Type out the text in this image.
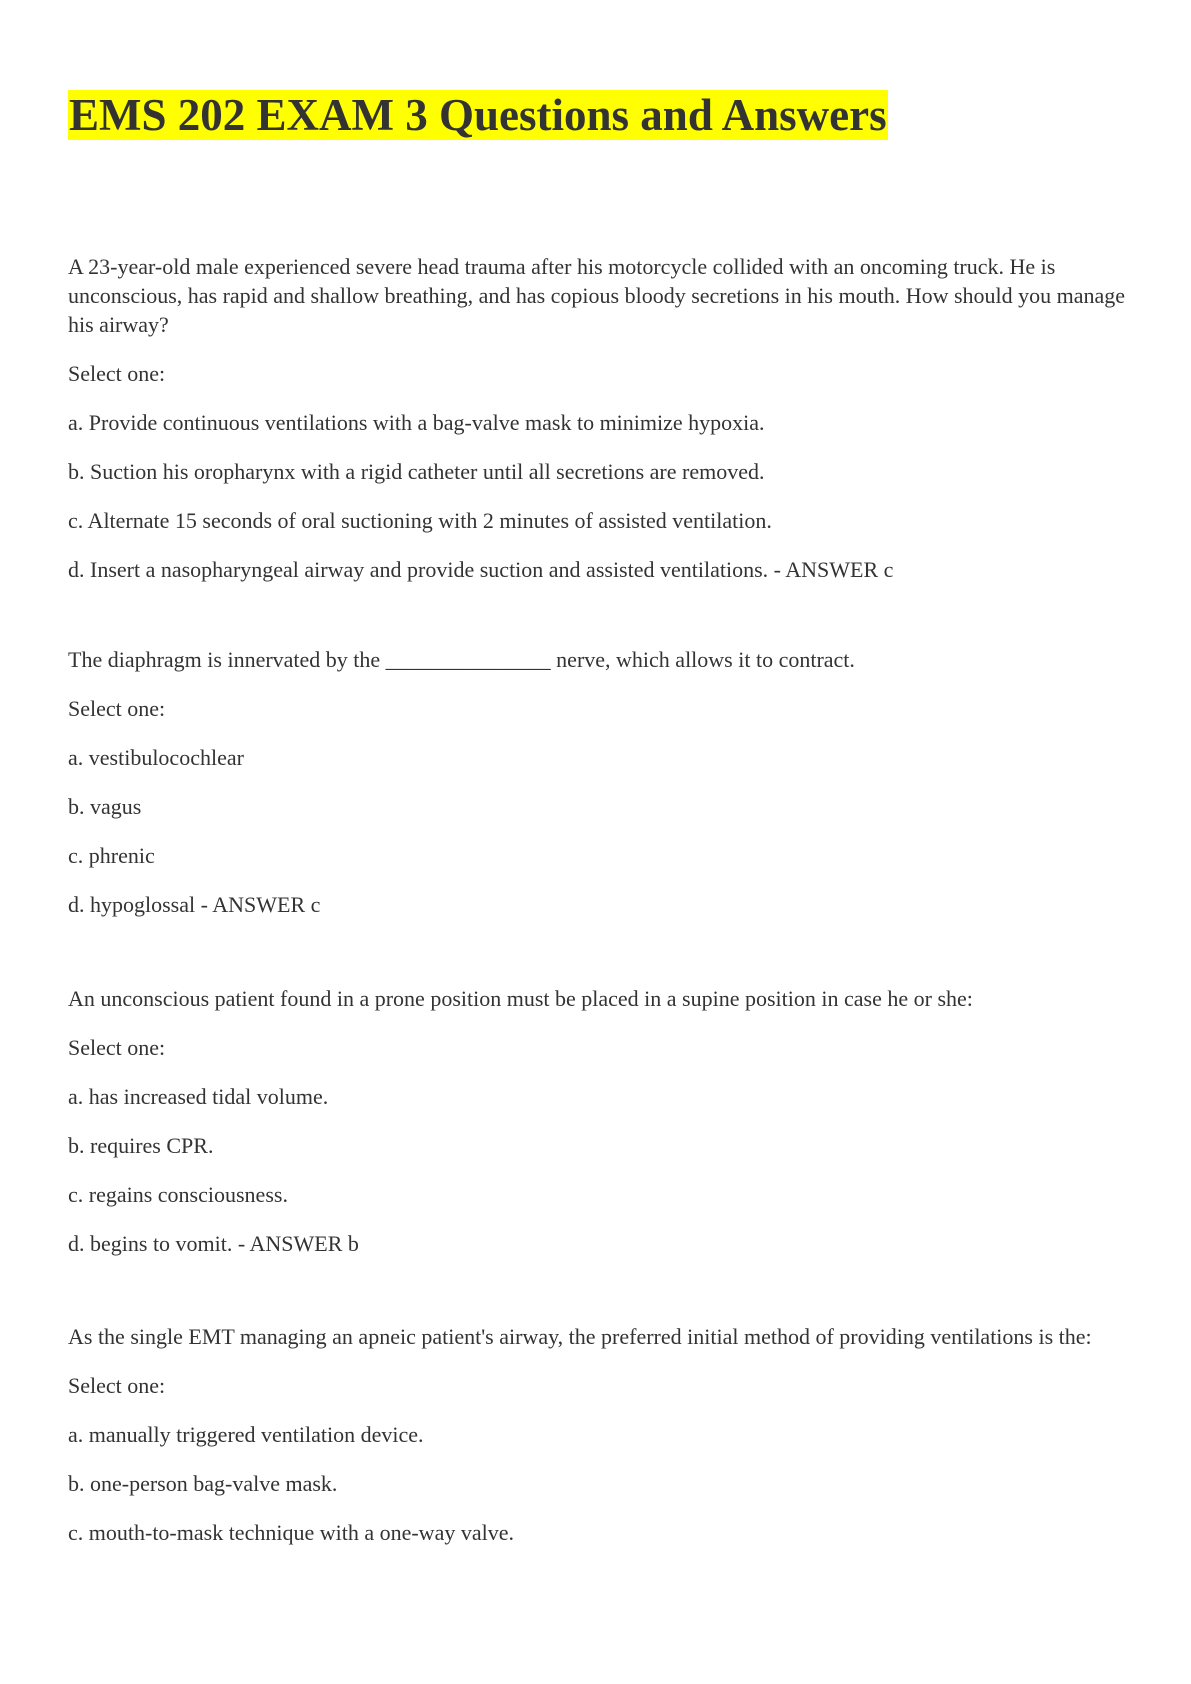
EMS 202 EXAM 3 Questions and Answers

A 23-year-old male experienced severe head trauma after his motorcycle collided with an oncoming truck. He is unconscious, has rapid and shallow breathing, and has copious bloody secretions in his mouth. How should you manage his airway?

Select one:

a. Provide continuous ventilations with a bag-valve mask to minimize hypoxia.

b. Suction his oropharynx with a rigid catheter until all secretions are removed.

c. Alternate 15 seconds of oral suctioning with 2 minutes of assisted ventilation.

d. Insert a nasopharyngeal airway and provide suction and assisted ventilations. - ANSWER c

The diaphragm is innervated by the _______________ nerve, which allows it to contract.

Select one:

a. vestibulocochlear

b. vagus

c. phrenic

d. hypoglossal - ANSWER c

An unconscious patient found in a prone position must be placed in a supine position in case he or she:

Select one:

a. has increased tidal volume.

b. requires CPR.

c. regains consciousness.

d. begins to vomit. - ANSWER b

As the single EMT managing an apneic patient's airway, the preferred initial method of providing ventilations is the:

Select one:

a. manually triggered ventilation device.

b. one-person bag-valve mask.

c. mouth-to-mask technique with a one-way valve.
